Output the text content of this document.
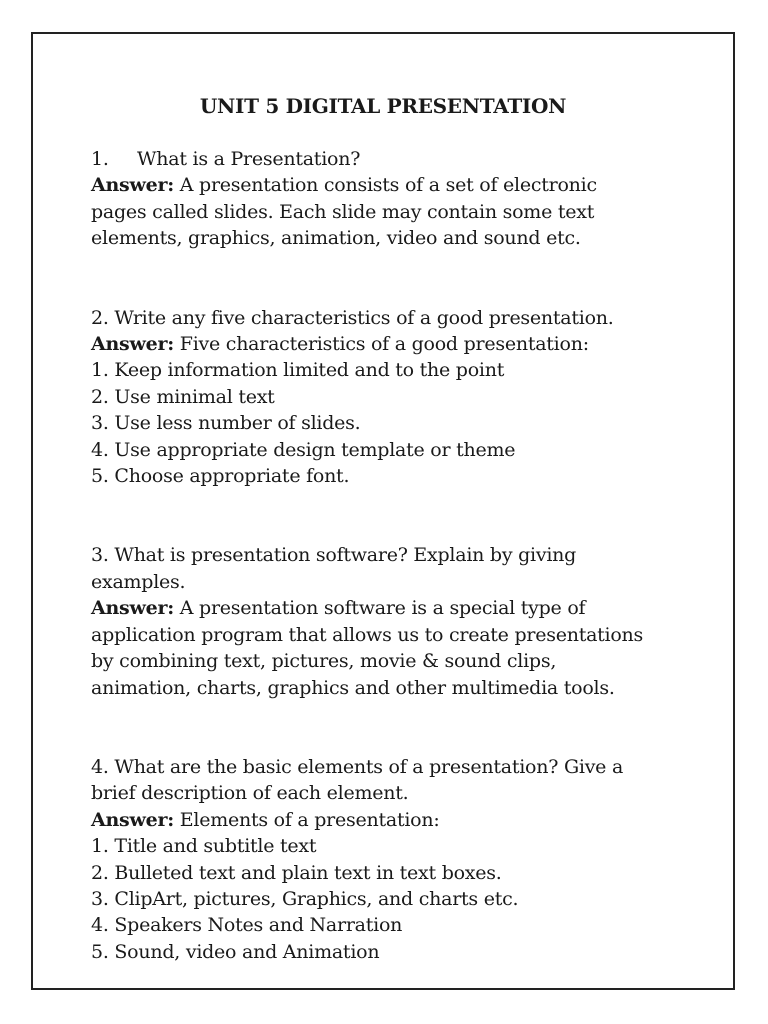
UNIT 5 DIGITAL PRESENTATION

1. What is a Presentation?

Answer: A presentation consists of a set of electronic

pages called slides. Each slide may contain some text

elements, graphics, animation, video and sound etc.

2. Write any five characteristics of a good presentation.

Answer: Five characteristics of a good presentation:

1. Keep information limited and to the point

2. Use minimal text

3. Use less number of slides.

4. Use appropriate design template or theme

5. Choose appropriate font.

3. What is presentation software? Explain by giving

examples.

Answer: A presentation software is a special type of

application program that allows us to create presentations

by combining text, pictures, movie & sound clips,

animation, charts, graphics and other multimedia tools.

4. What are the basic elements of a presentation? Give a

brief description of each element.

Answer: Elements of a presentation:

1. Title and subtitle text

2. Bulleted text and plain text in text boxes.

3. ClipArt, pictures, Graphics, and charts etc.

4. Speakers Notes and Narration

5. Sound, video and Animation
